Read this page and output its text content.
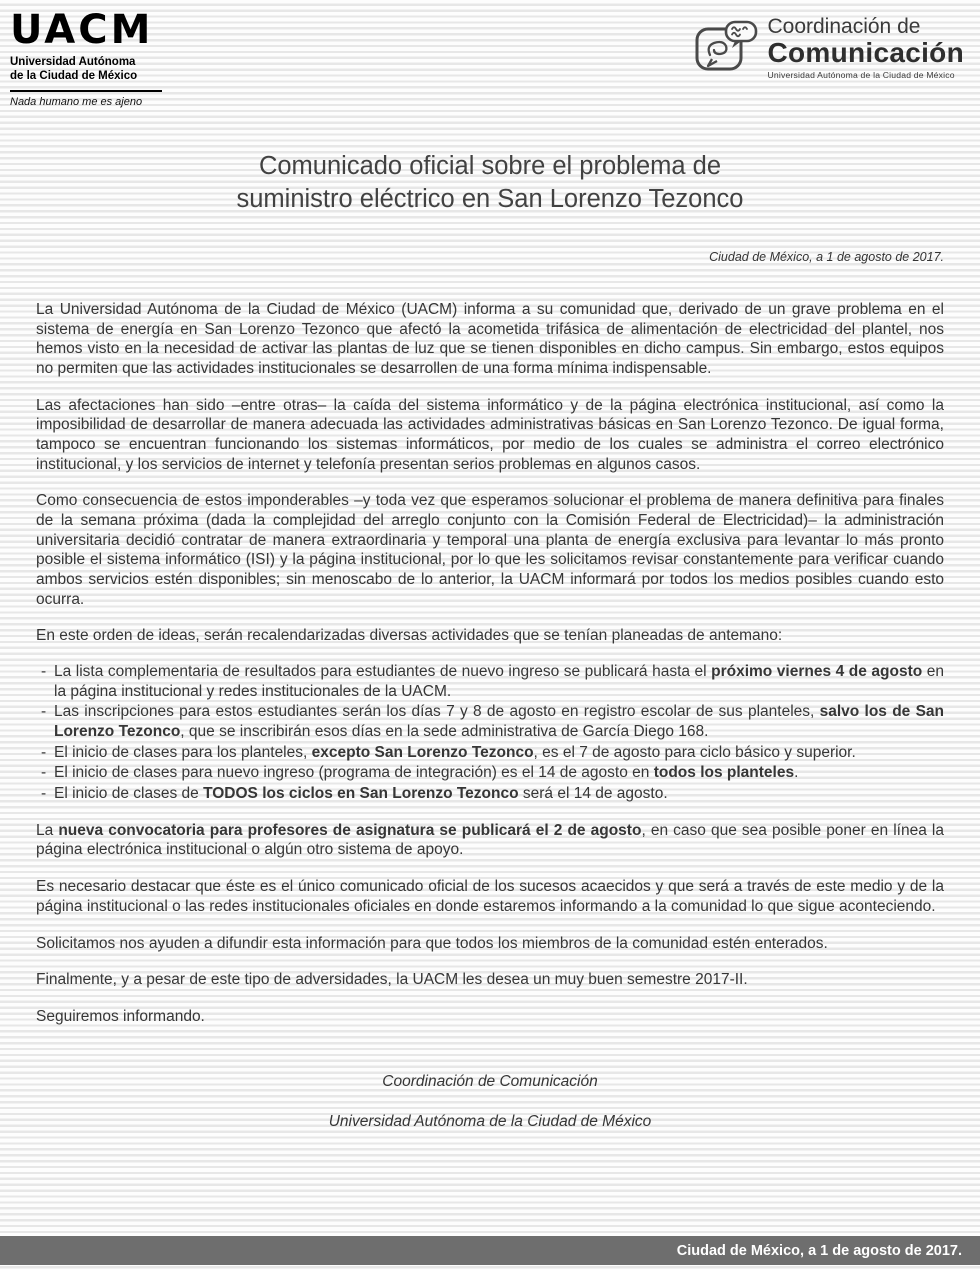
UACM
Universidad Autónoma
de la Ciudad de México
Nada humano me es ajeno
Coordinación de
Comunicación
Universidad Autónoma de la Ciudad de México
Comunicado oficial sobre el problema de
suministro eléctrico en San Lorenzo Tezonco
Ciudad de México, a 1 de agosto de 2017.

La Universidad Autónoma de la Ciudad de México (UACM) informa a su comunidad que, derivado de un grave problema en el sistema de energía en San Lorenzo Tezonco que afectó la acometida trifásica de alimentación de electricidad del plantel, nos hemos visto en la necesidad de activar las plantas de luz que se tienen disponibles en dicho campus. Sin embargo, estos equipos no permiten que las actividades institucionales se desarrollen de una forma mínima indispensable.

Las afectaciones han sido –entre otras– la caída del sistema informático y de la página electrónica institucional, así como la imposibilidad de desarrollar de manera adecuada las actividades administrativas básicas en San Lorenzo Tezonco. De igual forma, tampoco se encuentran funcionando los sistemas informáticos, por medio de los cuales se administra el correo electrónico institucional, y los servicios de internet y telefonía presentan serios problemas en algunos casos.

Como consecuencia de estos imponderables –y toda vez que esperamos solucionar el problema de manera definitiva para finales de la semana próxima (dada la complejidad del arreglo conjunto con la Comisión Federal de Electricidad)– la administración universitaria decidió contratar de manera extraordinaria y temporal una planta de energía exclusiva para levantar lo más pronto posible el sistema informático (ISI) y la página institucional, por lo que les solicitamos revisar constantemente para verificar cuando ambos servicios estén disponibles; sin menoscabo de lo anterior, la UACM informará por todos los medios posibles cuando esto ocurra.

En este orden de ideas, serán recalendarizadas diversas actividades que se tenían planeadas de antemano:

- La lista complementaria de resultados para estudiantes de nuevo ingreso se publicará hasta el próximo viernes 4 de agosto en la página institucional y redes institucionales de la UACM.
- Las inscripciones para estos estudiantes serán los días 7 y 8 de agosto en registro escolar de sus planteles, salvo los de San Lorenzo Tezonco, que se inscribirán esos días en la sede administrativa de García Diego 168.
- El inicio de clases para los planteles, excepto San Lorenzo Tezonco, es el 7 de agosto para ciclo básico y superior.
- El inicio de clases para nuevo ingreso (programa de integración) es el 14 de agosto en todos los planteles.
- El inicio de clases de TODOS los ciclos en San Lorenzo Tezonco será el 14 de agosto.

La nueva convocatoria para profesores de asignatura se publicará el 2 de agosto, en caso que sea posible poner en línea la página electrónica institucional o algún otro sistema de apoyo.

Es necesario destacar que éste es el único comunicado oficial de los sucesos acaecidos y que será a través de este medio y de la página institucional o las redes institucionales oficiales en donde estaremos informando a la comunidad lo que sigue aconteciendo.

Solicitamos nos ayuden a difundir esta información para que todos los miembros de la comunidad estén enterados.

Finalmente, y a pesar de este tipo de adversidades, la UACM les desea un muy buen semestre 2017-II.

Seguiremos informando.

Coordinación de Comunicación
Universidad Autónoma de la Ciudad de México
Ciudad de México, a 1 de agosto de 2017.
